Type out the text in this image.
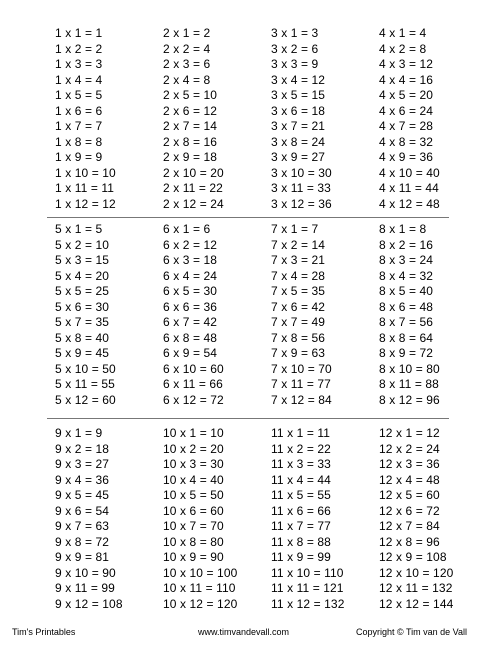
1 x 1 = 1
1 x 2 = 2
1 x 3 = 3
1 x 4 = 4
1 x 5 = 5
1 x 6 = 6
1 x 7 = 7
1 x 8 = 8
1 x 9 = 9
1 x 10 = 10
1 x 11 = 11
1 x 12 = 12
2 x 1 = 2
2 x 2 = 4
2 x 3 = 6
2 x 4 = 8
2 x 5 = 10
2 x 6 = 12
2 x 7 = 14
2 x 8 = 16
2 x 9 = 18
2 x 10 = 20
2 x 11 = 22
2 x 12 = 24
3 x 1 = 3
3 x 2 = 6
3 x 3 = 9
3 x 4 = 12
3 x 5 = 15
3 x 6 = 18
3 x 7 = 21
3 x 8 = 24
3 x 9 = 27
3 x 10 = 30
3 x 11 = 33
3 x 12 = 36
4 x 1 = 4
4 x 2 = 8
4 x 3 = 12
4 x 4 = 16
4 x 5 = 20
4 x 6 = 24
4 x 7 = 28
4 x 8 = 32
4 x 9 = 36
4 x 10 = 40
4 x 11 = 44
4 x 12 = 48
5 x 1 = 5
5 x 2 = 10
5 x 3 = 15
5 x 4 = 20
5 x 5 = 25
5 x 6 = 30
5 x 7 = 35
5 x 8 = 40
5 x 9 = 45
5 x 10 = 50
5 x 11 = 55
5 x 12 = 60
6 x 1 = 6
6 x 2 = 12
6 x 3 = 18
6 x 4 = 24
6 x 5 = 30
6 x 6 = 36
6 x 7 = 42
6 x 8 = 48
6 x 9 = 54
6 x 10 = 60
6 x 11 = 66
6 x 12 = 72
7 x 1 = 7
7 x 2 = 14
7 x 3 = 21
7 x 4 = 28
7 x 5 = 35
7 x 6 = 42
7 x 7 = 49
7 x 8 = 56
7 x 9 = 63
7 x 10 = 70
7 x 11 = 77
7 x 12 = 84
8 x 1 = 8
8 x 2 = 16
8 x 3 = 24
8 x 4 = 32
8 x 5 = 40
8 x 6 = 48
8 x 7 = 56
8 x 8 = 64
8 x 9 = 72
8 x 10 = 80
8 x 11 = 88
8 x 12 = 96
9 x 1 = 9
9 x 2 = 18
9 x 3 = 27
9 x 4 = 36
9 x 5 = 45
9 x 6 = 54
9 x 7 = 63
9 x 8 = 72
9 x 9 = 81
9 x 10 = 90
9 x 11 = 99
9 x 12 = 108
10 x 1 = 10
10 x 2 = 20
10 x 3 = 30
10 x 4 = 40
10 x 5 = 50
10 x 6 = 60
10 x 7 = 70
10 x 8 = 80
10 x 9 = 90
10 x 10 = 100
10 x 11 = 110
10 x 12 = 120
11 x 1 = 11
11 x 2 = 22
11 x 3 = 33
11 x 4 = 44
11 x 5 = 55
11 x 6 = 66
11 x 7 = 77
11 x 8 = 88
11 x 9 = 99
11 x 10 = 110
11 x 11 = 121
11 x 12 = 132
12 x 1 = 12
12 x 2 = 24
12 x 3 = 36
12 x 4 = 48
12 x 5 = 60
12 x 6 = 72
12 x 7 = 84
12 x 8 = 96
12 x 9 = 108
12 x 10 = 120
12 x 11 = 132
12 x 12 = 144
Tim's Printables	www.timvandevall.com	Copyright © Tim van de Vall
